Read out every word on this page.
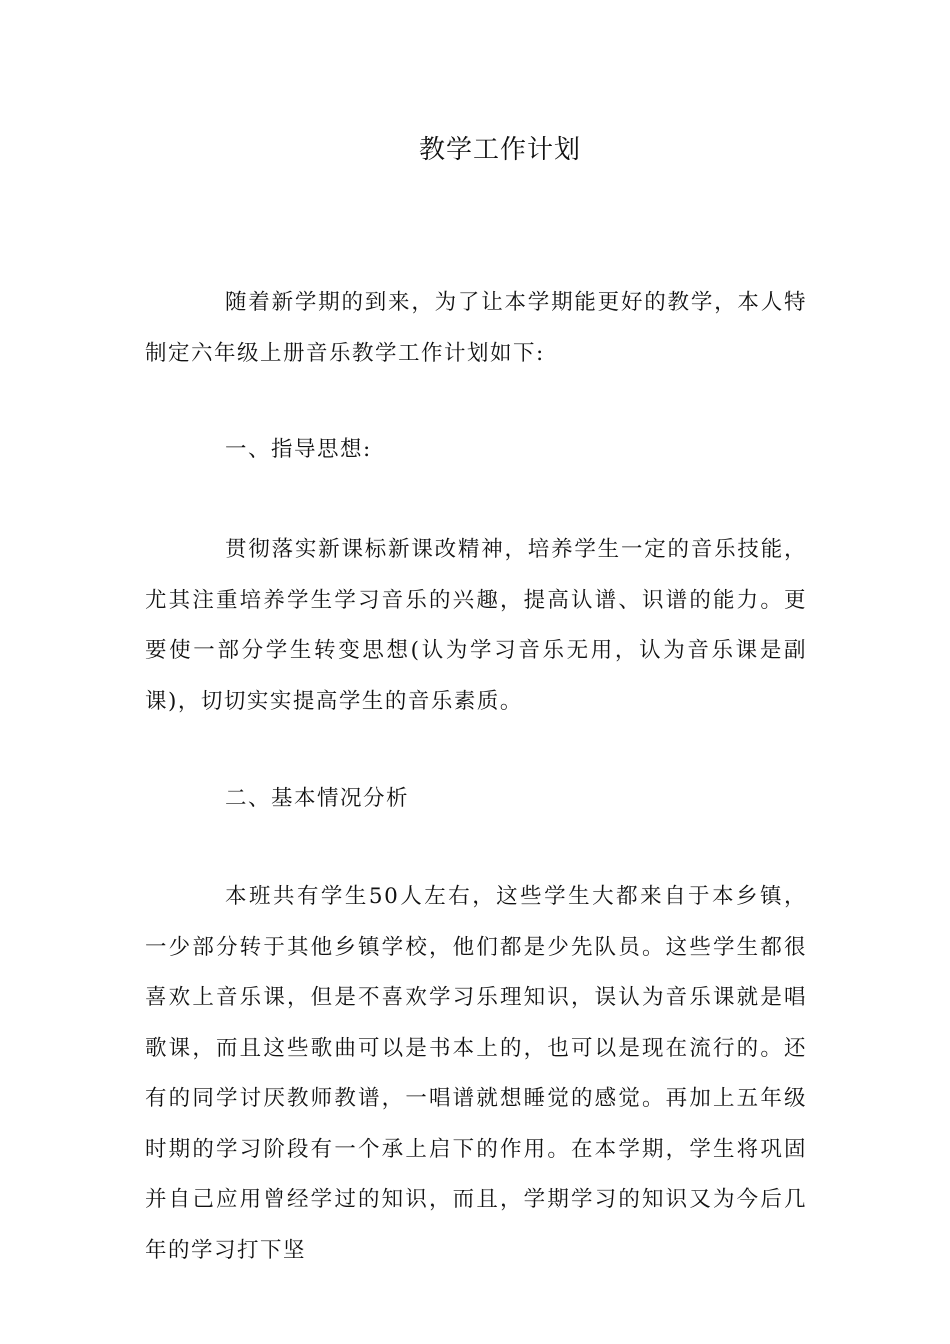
教学工作计划

随着新学期的到来，为了让本学期能更好的教学，本人特制定六年级上册音乐教学工作计划如下:

一、指导思想:

贯彻落实新课标新课改精神，培养学生一定的音乐技能，尤其注重培养学生学习音乐的兴趣，提高认谱、识谱的能力。更要使一部分学生转变思想(认为学习音乐无用，认为音乐课是副课)，切切实实提高学生的音乐素质。

二、基本情况分析

本班共有学生50人左右，这些学生大都来自于本乡镇，一少部分转于其他乡镇学校，他们都是少先队员。这些学生都很喜欢上音乐课，但是不喜欢学习乐理知识，误认为音乐课就是唱歌课，而且这些歌曲可以是书本上的，也可以是现在流行的。还有的同学讨厌教师教谱，一唱谱就想睡觉的感觉。再加上五年级时期的学习阶段有一个承上启下的作用。在本学期，学生将巩固并自己应用曾经学过的知识，而且，学期学习的知识又为今后几年的学习打下坚
